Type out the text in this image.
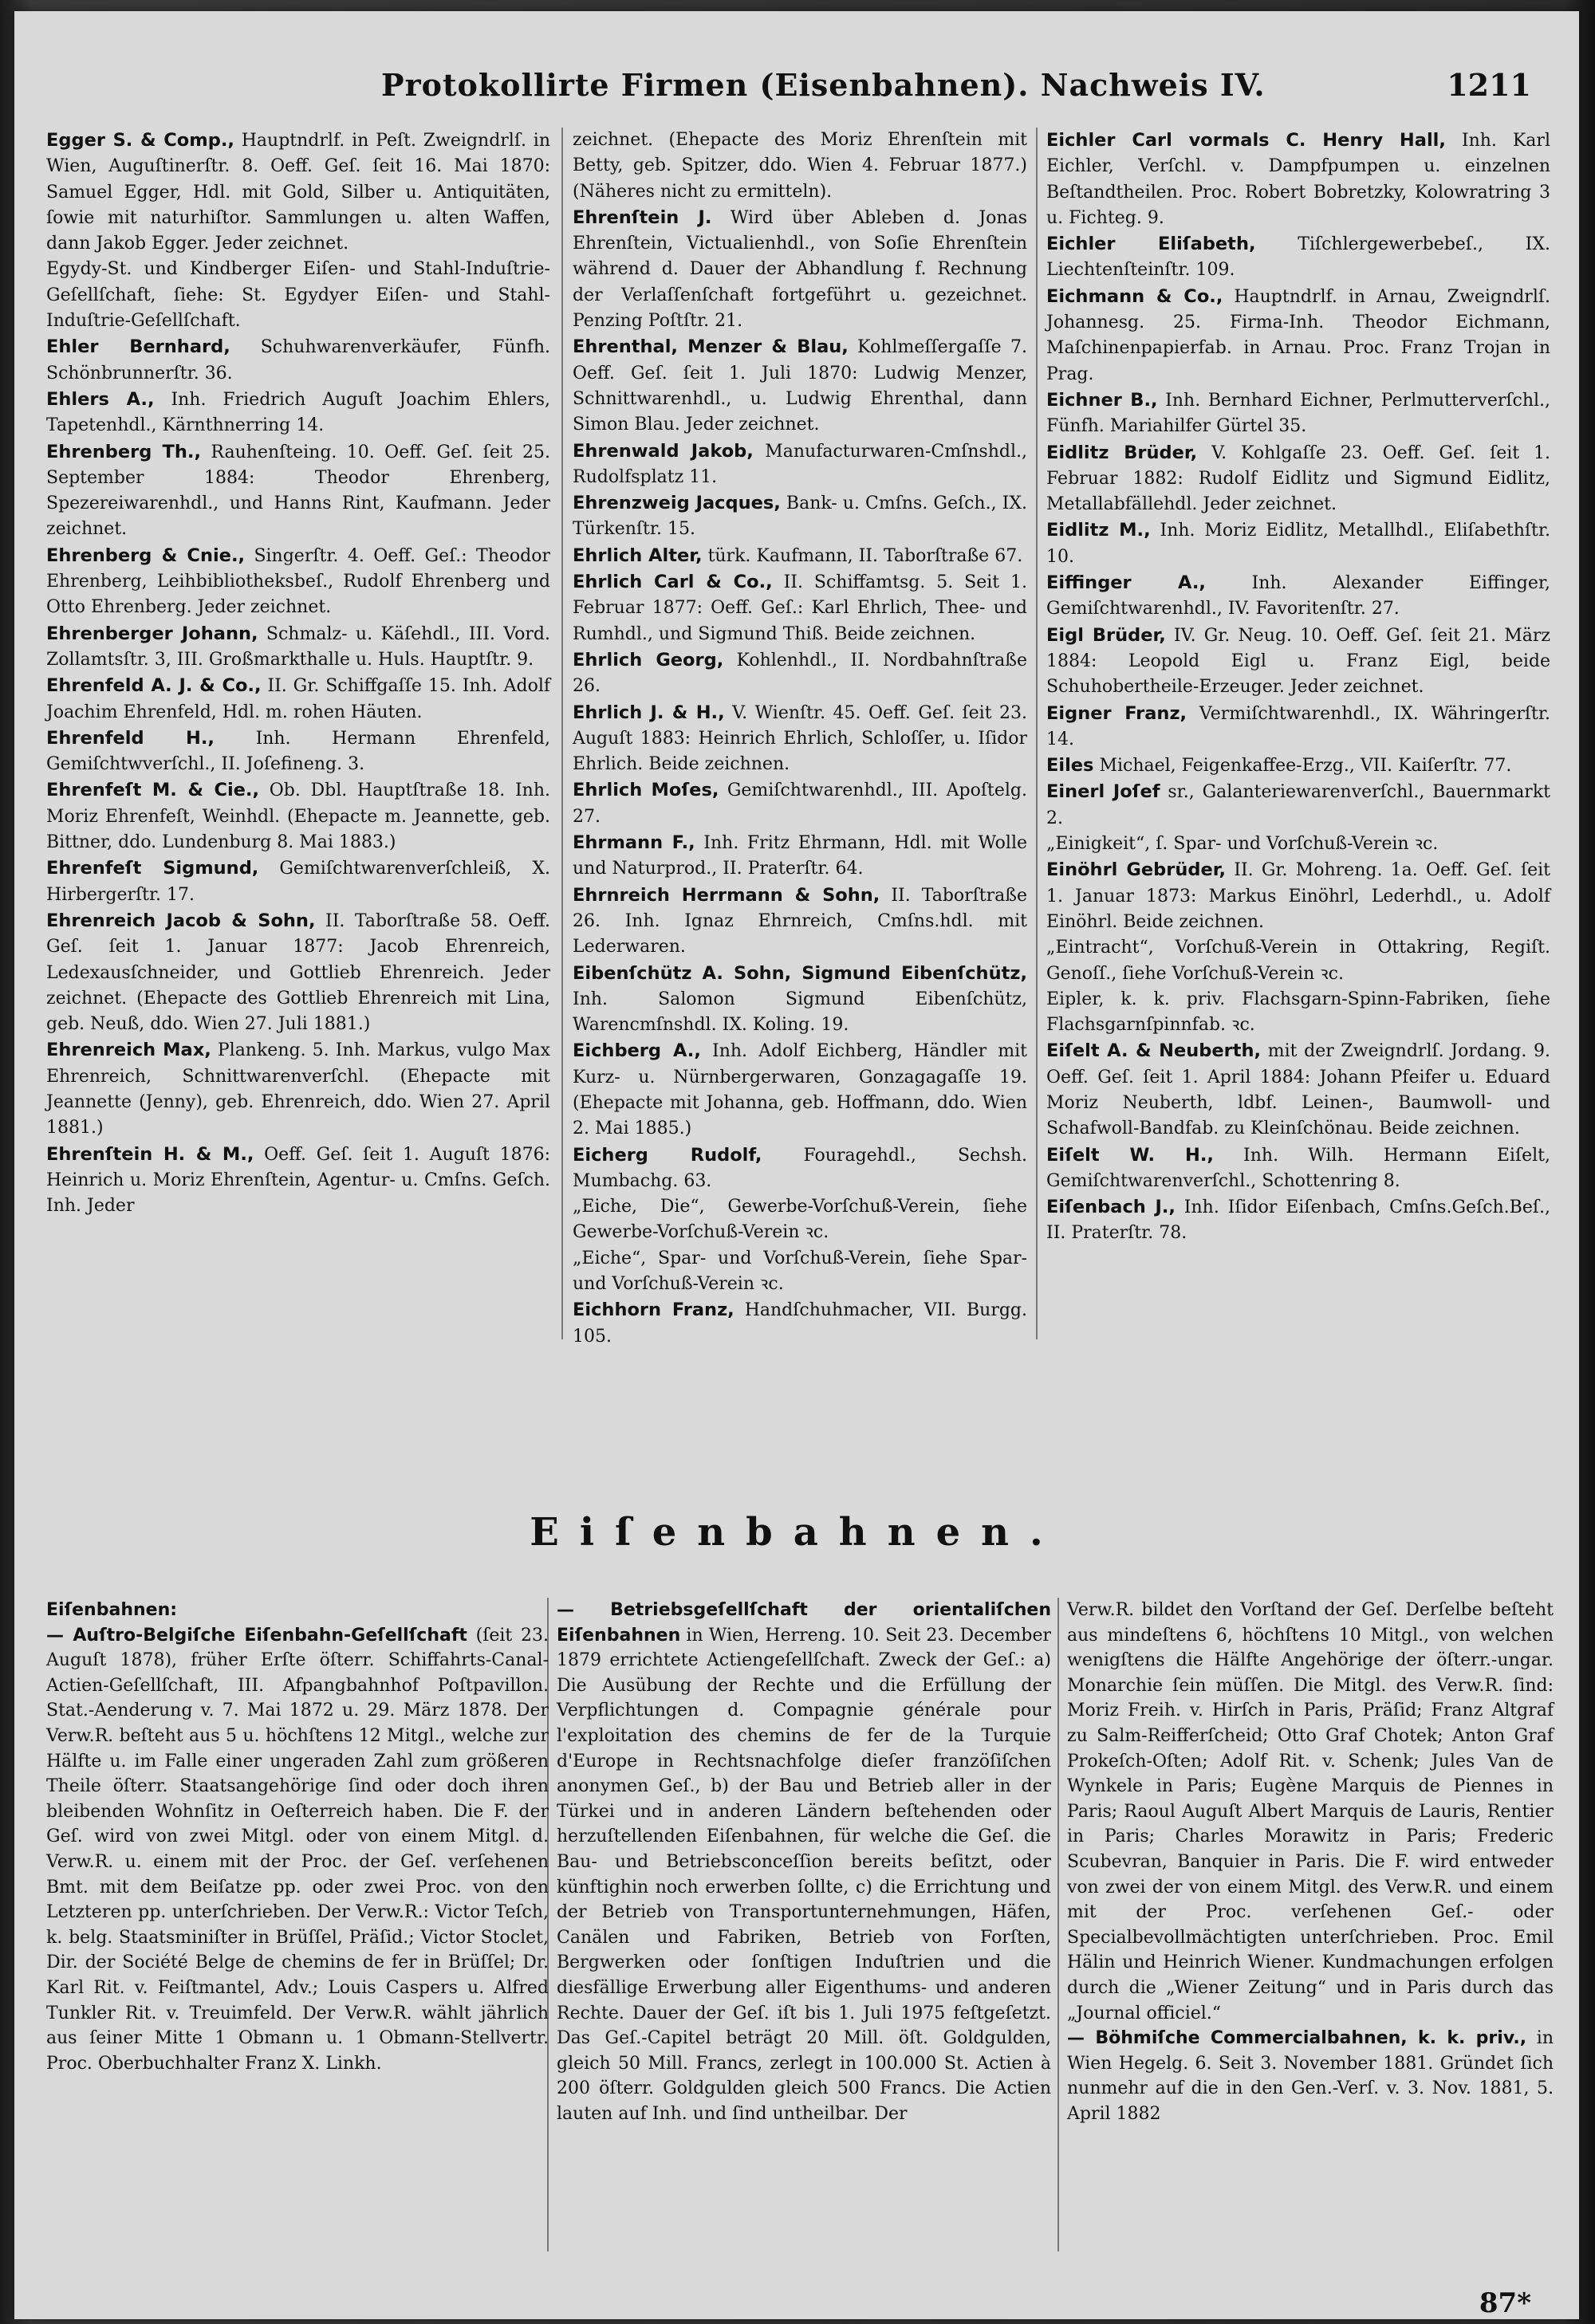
Protokollirte Firmen (Eisenbahnen). Nachweis IV.	1211

Egger S. & Comp., Hauptndrlf. in Peſt. Zweigndrlſ. in Wien, Auguſtinerſtr. 8. Oeff. Geſ. ſeit 16. Mai 1870: Samuel Egger, Hdl. mit Gold, Silber u. Antiquitäten, ſowie mit naturhiſtor. Sammlungen u. alten Waffen, dann Jakob Egger. Jeder zeichnet.

Egydy-St. und Kindberger Eiſen- und Stahl-Induſtrie-Geſellſchaft, ſiehe: St. Egydyer Eiſen- und Stahl-Induſtrie-Geſellſchaft.

Ehler Bernhard, Schuhwarenverkäufer, Fünfh. Schönbrunnerſtr. 36.

Ehlers A., Inh. Friedrich Auguſt Joachim Ehlers, Tapetenhdl., Kärnthnerring 14.

Ehrenberg Th., Rauhenſteing. 10. Oeff. Geſ. ſeit 25. September 1884: Theodor Ehrenberg, Spezereiwarenhdl., und Hanns Rint, Kaufmann. Jeder zeichnet.

Ehrenberg & Cnie., Singerſtr. 4. Oeff. Geſ.: Theodor Ehrenberg, Leihbibliotheksbeſ., Rudolf Ehrenberg und Otto Ehrenberg. Jeder zeichnet.

Ehrenberger Johann, Schmalz- u. Käſehdl., III. Vord. Zollamtsſtr. 3, III. Großmarkthalle u. Huls. Hauptſtr. 9.

Ehrenfeld A. J. & Co., II. Gr. Schiffgaſſe 15. Inh. Adolf Joachim Ehrenfeld, Hdl. m. rohen Häuten.

Ehrenfeld H., Inh. Hermann Ehrenfeld, Gemiſchtwverſchl., II. Joſefineng. 3.

Ehrenfeſt M. & Cie., Ob. Dbl. Hauptſtraße 18. Inh. Moriz Ehrenfeſt, Weinhdl. (Ehepacte m. Jeannette, geb. Bittner, ddo. Lundenburg 8. Mai 1883.)

Ehrenfeſt Sigmund, Gemiſchtwarenverſchleiß, X. Hirbergerſtr. 17.

Ehrenreich Jacob & Sohn, II. Taborſtraße 58. Oeff. Geſ. ſeit 1. Januar 1877: Jacob Ehrenreich, Ledexausſchneider, und Gottlieb Ehrenreich. Jeder zeichnet. (Ehepacte des Gottlieb Ehrenreich mit Lina, geb. Neuß, ddo. Wien 27. Juli 1881.)

Ehrenreich Max, Plankeng. 5. Inh. Markus, vulgo Max Ehrenreich, Schnittwarenverſchl. (Ehepacte mit Jeannette (Jenny), geb. Ehrenreich, ddo. Wien 27. April 1881.)

Ehrenſtein H. & M., Oeff. Geſ. ſeit 1. Auguſt 1876: Heinrich u. Moriz Ehrenſtein, Agentur- u. Cmſns. Geſch. Inh. Jeder

zeichnet. (Ehepacte des Moriz Ehrenſtein mit Betty, geb. Spitzer, ddo. Wien 4. Februar 1877.) (Näheres nicht zu ermitteln).

Ehrenſtein J. Wird über Ableben d. Jonas Ehrenſtein, Victualienhdl., von Soſie Ehrenſtein während d. Dauer der Abhandlung f. Rechnung der Verlaſſenſchaft fortgeführt u. gezeichnet. Penzing Poſtſtr. 21.

Ehrenthal, Menzer & Blau, Kohlmeſſergaſſe 7. Oeff. Geſ. ſeit 1. Juli 1870: Ludwig Menzer, Schnittwarenhdl., u. Ludwig Ehrenthal, dann Simon Blau. Jeder zeichnet.

Ehrenwald Jakob, Manufacturwaren-Cmſnshdl., Rudolfsplatz 11.

Ehrenzweig Jacques, Bank- u. Cmſns. Geſch., IX. Türkenſtr. 15.

Ehrlich Alter, türk. Kaufmann, II. Taborſtraße 67.

Ehrlich Carl & Co., II. Schiffamtsg. 5. Seit 1. Februar 1877: Oeff. Geſ.: Karl Ehrlich, Thee- und Rumhdl., und Sigmund Thiß. Beide zeichnen.

Ehrlich Georg, Kohlenhdl., II. Nordbahnſtraße 26.

Ehrlich J. & H., V. Wienſtr. 45. Oeff. Geſ. ſeit 23. Auguſt 1883: Heinrich Ehrlich, Schloſſer, u. Iſidor Ehrlich. Beide zeichnen.

Ehrlich Moſes, Gemiſchtwarenhdl., III. Apoſtelg. 27.

Ehrmann F., Inh. Fritz Ehrmann, Hdl. mit Wolle und Naturprod., II. Praterſtr. 64.

Ehrnreich Herrmann & Sohn, II. Taborſtraße 26. Inh. Ignaz Ehrnreich, Cmſns.hdl. mit Lederwaren.

Eibenſchütz A. Sohn, Sigmund Eibenſchütz, Inh. Salomon Sigmund Eibenſchütz, Warencmſnshdl. IX. Koling. 19.

Eichberg A., Inh. Adolf Eichberg, Händler mit Kurz- u. Nürnbergerwaren, Gonzagagaſſe 19. (Ehepacte mit Johanna, geb. Hoffmann, ddo. Wien 2. Mai 1885.)

Eicherg Rudolf, Fouragehdl., Sechsh. Mumbachg. 63.

„Eiche, Die“, Gewerbe-Vorſchuß-Verein, ſiehe Gewerbe-Vorſchuß-Verein ꝛc.

„Eiche“, Spar- und Vorſchuß-Verein, ſiehe Spar- und Vorſchuß-Verein ꝛc.

Eichhorn Franz, Handſchuhmacher, VII. Burgg. 105.

Eichler Carl vormals C. Henry Hall, Inh. Karl Eichler, Verſchl. v. Dampfpumpen u. einzelnen Beſtandtheilen. Proc. Robert Bobretzky, Kolowratring 3 u. Fichteg. 9.

Eichler Eliſabeth, Tiſchlergewerbebeſ., IX. Liechtenſteinſtr. 109.

Eichmann & Co., Hauptndrlf. in Arnau, Zweigndrlſ. Johannesg. 25. Firma-Inh. Theodor Eichmann, Maſchinenpapierfab. in Arnau. Proc. Franz Trojan in Prag.

Eichner B., Inh. Bernhard Eichner, Perlmutterverſchl., Fünfh. Mariahilfer Gürtel 35.

Eidlitz Brüder, V. Kohlgaſſe 23. Oeff. Geſ. ſeit 1. Februar 1882: Rudolf Eidlitz und Sigmund Eidlitz, Metallabfällehdl. Jeder zeichnet.

Eidlitz M., Inh. Moriz Eidlitz, Metallhdl., Eliſabethſtr. 10.

Eiffinger A., Inh. Alexander Eiffinger, Gemiſchtwarenhdl., IV. Favoritenſtr. 27.

Eigl Brüder, IV. Gr. Neug. 10. Oeff. Geſ. ſeit 21. März 1884: Leopold Eigl u. Franz Eigl, beide Schuhobertheile-Erzeuger. Jeder zeichnet.

Eigner Franz, Vermiſchtwarenhdl., IX. Währingerſtr. 14.

Eiles Michael, Feigenkaffee-Erzg., VII. Kaiſerſtr. 77.

Einerl Joſef sr., Galanteriewarenverſchl., Bauernmarkt 2.

„Einigkeit“, ſ. Spar- und Vorſchuß-Verein ꝛc.

Einöhrl Gebrüder, II. Gr. Mohreng. 1a. Oeff. Geſ. ſeit 1. Januar 1873: Markus Einöhrl, Lederhdl., u. Adolf Einöhrl. Beide zeichnen.

„Eintracht“, Vorſchuß-Verein in Ottakring, Regiſt. Genoſſ., ſiehe Vorſchuß-Verein ꝛc.

Eipler, k. k. priv. Flachsgarn-Spinn-Fabriken, ſiehe Flachsgarnſpinnfab. ꝛc.

Eiſelt A. & Neuberth, mit der Zweigndrlſ. Jordang. 9. Oeff. Geſ. ſeit 1. April 1884: Johann Pfeifer u. Eduard Moriz Neuberth, ldbf. Leinen-, Baumwoll- und Schafwoll-Bandfab. zu Kleinſchönau. Beide zeichnen.

Eiſelt W. H., Inh. Wilh. Hermann Eiſelt, Gemiſchtwarenverſchl., Schottenring 8.

Eiſenbach J., Inh. Iſidor Eiſenbach, Cmſns.Geſch.Beſ., II. Praterſtr. 78.

Eiſenbahnen.

Eiſenbahnen:

— Auſtro-Belgiſche Eiſenbahn-Geſellſchaft (ſeit 23. Auguſt 1878), früher Erſte öſterr. Schiffahrts-Canal-Actien-Geſellſchaft, III. Afpangbahnhof Poſtpavillon. Stat.-Aenderung v. 7. Mai 1872 u. 29. März 1878. Der Verw.R. beſteht aus 5 u. höchſtens 12 Mitgl., welche zur Hälfte u. im Falle einer ungeraden Zahl zum größeren Theile öſterr. Staatsangehörige ſind oder doch ihren bleibenden Wohnſitz in Oeſterreich haben. Die F. der Geſ. wird von zwei Mitgl. oder von einem Mitgl. d. Verw.R. u. einem mit der Proc. der Geſ. verſehenen Bmt. mit dem Beiſatze pp. oder zwei Proc. von den Letzteren pp. unterſchrieben. Der Verw.R.: Victor Teſch, k. belg. Staatsminiſter in Brüſſel, Präſid.; Victor Stoclet, Dir. der Société Belge de chemins de fer in Brüſſel; Dr. Karl Rit. v. Feiſtmantel, Adv.; Louis Caspers u. Alfred Tunkler Rit. v. Treuimfeld. Der Verw.R. wählt jährlich aus ſeiner Mitte 1 Obmann u. 1 Obmann-Stellvertr. Proc. Oberbuchhalter Franz X. Linkh.

— Betriebsgeſellſchaft der orientaliſchen Eiſenbahnen in Wien, Herreng. 10. Seit 23. December 1879 errichtete Actiengeſellſchaft. Zweck der Geſ.: a) Die Ausübung der Rechte und die Erfüllung der Verpflichtungen d. Compagnie générale pour l'exploitation des chemins de fer de la Turquie d'Europe in Rechtsnachfolge dieſer franzöſiſchen anonymen Geſ., b) der Bau und Betrieb aller in der Türkei und in anderen Ländern beſtehenden oder herzuſtellenden Eiſenbahnen, für welche die Geſ. die Bau- und Betriebsconceſſion bereits beſitzt, oder künftighin noch erwerben ſollte, c) die Errichtung und der Betrieb von Transportunternehmungen, Häfen, Canälen und Fabriken, Betrieb von Forſten, Bergwerken oder ſonſtigen Induſtrien und die diesfällige Erwerbung aller Eigenthums- und anderen Rechte. Dauer der Geſ. iſt bis 1. Juli 1975 feſtgeſetzt. Das Geſ.-Capitel beträgt 20 Mill. öſt. Goldgulden, gleich 50 Mill. Francs, zerlegt in 100.000 St. Actien à 200 öſterr. Goldgulden gleich 500 Francs. Die Actien lauten auf Inh. und ſind untheilbar. Der

Verw.R. bildet den Vorſtand der Geſ. Derſelbe beſteht aus mindeſtens 6, höchſtens 10 Mitgl., von welchen wenigſtens die Hälfte Angehörige der öſterr.-ungar. Monarchie ſein müſſen. Die Mitgl. des Verw.R. ſind: Moriz Freih. v. Hirſch in Paris, Präſid; Franz Altgraf zu Salm-Reifferſcheid; Otto Graf Chotek; Anton Graf Prokeſch-Oſten; Adolf Rit. v. Schenk; Jules Van de Wynkele in Paris; Eugène Marquis de Piennes in Paris; Raoul Auguſt Albert Marquis de Lauris, Rentier in Paris; Charles Morawitz in Paris; Frederic Scubevran, Banquier in Paris. Die F. wird entweder von zwei der von einem Mitgl. des Verw.R. und einem mit der Proc. verſehenen Geſ.- oder Specialbevollmächtigten unterſchrieben. Proc. Emil Hälin und Heinrich Wiener. Kundmachungen erfolgen durch die „Wiener Zeitung“ und in Paris durch das „Journal officiel.“

— Böhmiſche Commercialbahnen, k. k. priv., in Wien Hegelg. 6. Seit 3. November 1881. Gründet ſich nunmehr auf die in den Gen.-Verſ. v. 3. Nov. 1881, 5. April 1882

87*
